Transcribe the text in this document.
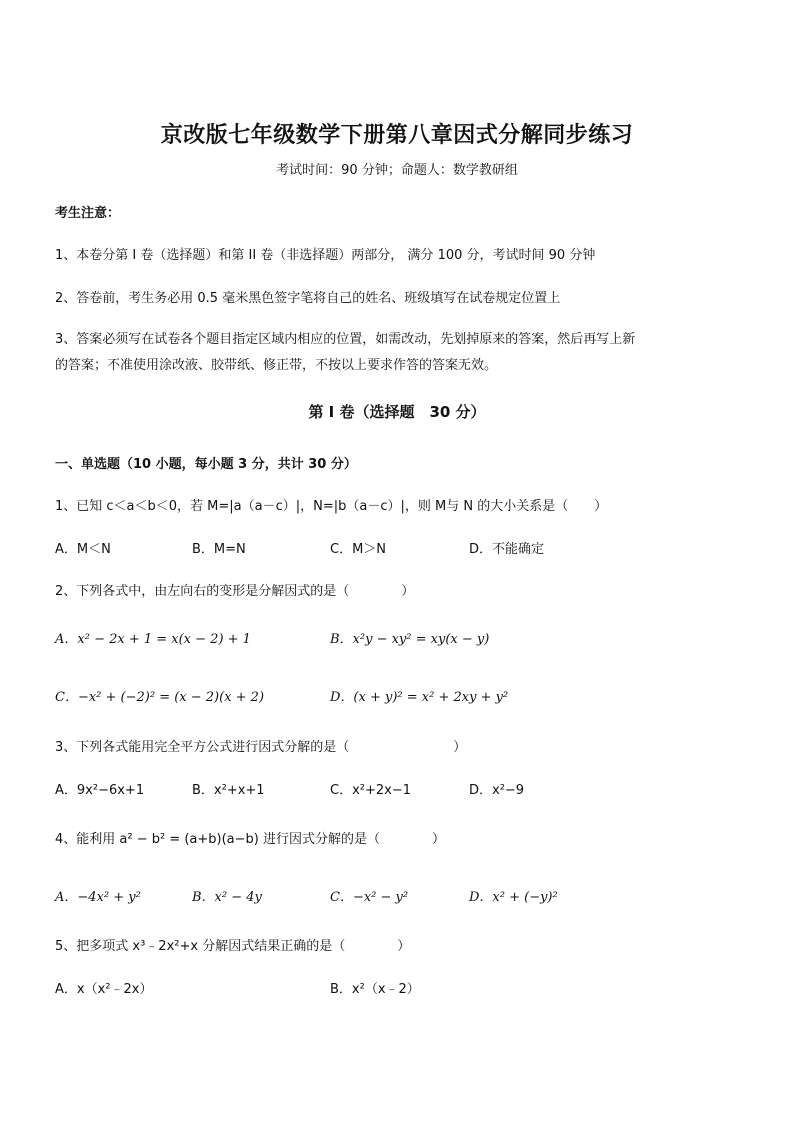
京改版七年级数学下册第八章因式分解同步练习
考试时间：90 分钟；命题人：数学教研组
考生注意：
1、本卷分第 I 卷（选择题）和第 II 卷（非选择题）两部分， 满分 100 分，考试时间 90 分钟
2、答卷前，考生务必用 0.5 毫米黑色签字笔将自己的姓名、班级填写在试卷规定位置上
3、答案必须写在试卷各个题目指定区域内相应的位置，如需改动，先划掉原来的答案，然后再写上新
的答案；不准使用涂改液、胶带纸、修正带，不按以上要求作答的答案无效。
第 I 卷（选择题　30 分）
一、单选题（10 小题，每小题 3 分，共计 30 分）
1、已知 c＜a＜b＜0，若 M=|a（a－c）|，N=|b（a－c）|，则 M与 N 的大小关系是（　　）
A．M＜N	B．M=N	C．M＞N	D．不能确定
2、下列各式中，由左向右的变形是分解因式的是（　　　　）
A．x² − 2x + 1 = x(x − 2) + 1	B．x²y − xy² = xy(x − y)
C．−x² + (−2)² = (x − 2)(x + 2)	D．(x + y)² = x² + 2xy + y²
3、下列各式能用完全平方公式进行因式分解的是（　　　　　　　　）
A．9x²−6x+1	B．x²+x+1	C．x²+2x−1	D．x²−9
4、能利用 a² − b² = (a+b)(a−b) 进行因式分解的是（　　　　）
A．−4x² + y²	B．x² − 4y	C．−x² − y²	D．x² + (−y)²
5、把多项式 x³﹣2x²+x 分解因式结果正确的是（　　　　）
A．x（x²﹣2x）	B．x²（x﹣2）
